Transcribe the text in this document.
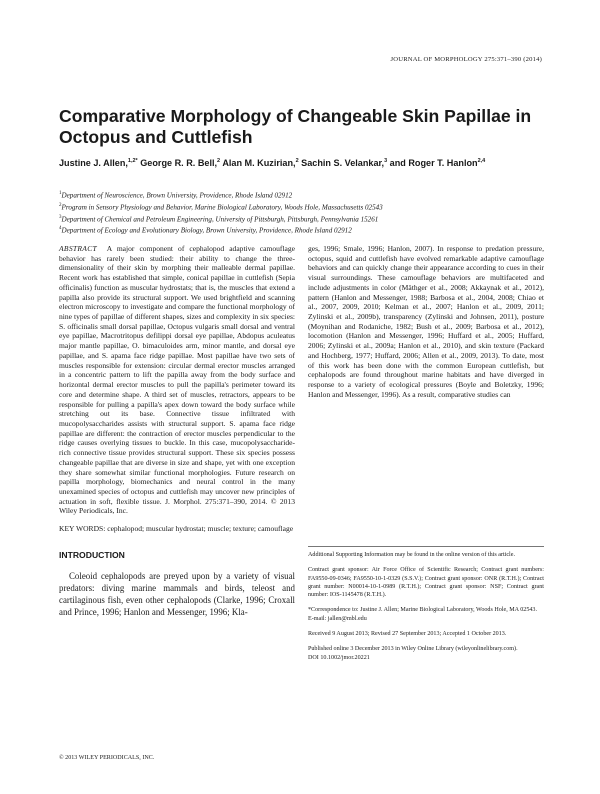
JOURNAL OF MORPHOLOGY 275:371–390 (2014)
Comparative Morphology of Changeable Skin Papillae in Octopus and Cuttlefish
Justine J. Allen,$^{1,2*}$ George R. R. Bell,$^2$ Alan M. Kuzirian,$^2$ Sachin S. Velankar,$^3$ and Roger T. Hanlon$^{2,4}$
$^1$Department of Neuroscience, Brown University, Providence, Rhode Island 02912
$^2$Program in Sensory Physiology and Behavior, Marine Biological Laboratory, Woods Hole, Massachusetts 02543
$^3$Department of Chemical and Petroleum Engineering, University of Pittsburgh, Pittsburgh, Pennsylvania 15261
$^4$Department of Ecology and Evolutionary Biology, Brown University, Providence, Rhode Island 02912

ABSTRACT A major component of cephalopod adaptive camouflage behavior has rarely been studied: their ability to change the three-dimensionality of their skin by morphing their malleable dermal papillae. Recent work has established that simple, conical papillae in cuttlefish (Sepia officinalis) function as muscular hydrostats; that is, the muscles that extend a papilla also provide its structural support. We used brightfield and scanning electron microscopy to investigate and compare the functional morphology of nine types of papillae of different shapes, sizes and complexity in six species: S. officinalis small dorsal papillae, Octopus vulgaris small dorsal and ventral eye papillae, Macrotritopus defilippi dorsal eye papillae, Abdopus aculeatus major mantle papillae, O. bimaculoides arm, minor mantle, and dorsal eye papillae, and S. apama face ridge papillae. Most papillae have two sets of muscles responsible for extension: circular dermal erector muscles arranged in a concentric pattern to lift the papilla away from the body surface and horizontal dermal erector muscles to pull the papilla's perimeter toward its core and determine shape. A third set of muscles, retractors, appears to be responsible for pulling a papilla's apex down toward the body surface while stretching out its base. Connective tissue infiltrated with mucopolysaccharides assists with structural support. S. apama face ridge papillae are different: the contraction of erector muscles perpendicular to the ridge causes overlying tissues to buckle. In this case, mucopolysaccharide-rich connective tissue provides structural support. These six species possess changeable papillae that are diverse in size and shape, yet with one exception they share somewhat similar functional morphologies. Future research on papilla morphology, biomechanics and neural control in the many unexamined species of octopus and cuttlefish may uncover new principles of actuation in soft, flexible tissue. J. Morphol. 275:371–390, 2014. © 2013 Wiley Periodicals, Inc.

KEY WORDS: cephalopod; muscular hydrostat; muscle; texture; camouflage

INTRODUCTION

Coleoid cephalopods are preyed upon by a variety of visual predators: diving marine mammals and birds, teleost and cartilaginous fish, even other cephalopods (Clarke, 1996; Croxall and Prince, 1996; Hanlon and Messenger, 1996; Kla-

ges, 1996; Smale, 1996; Hanlon, 2007). In response to predation pressure, octopus, squid and cuttlefish have evolved remarkable adaptive camouflage behaviors and can quickly change their appearance according to cues in their visual surroundings. These camouflage behaviors are multifaceted and include adjustments in color (Mäthger et al., 2008; Akkaynak et al., 2012), pattern (Hanlon and Messenger, 1988; Barbosa et al., 2004, 2008; Chiao et al., 2007, 2009, 2010; Kelman et al., 2007; Hanlon et al., 2009, 2011; Zylinski et al., 2009b), transparency (Zylinski and Johnsen, 2011), posture (Moynihan and Rodaniche, 1982; Bush et al., 2009; Barbosa et al., 2012), locomotion (Hanlon and Messenger, 1996; Huffard et al., 2005; Huffard, 2006; Zylinski et al., 2009a; Hanlon et al., 2010), and skin texture (Packard and Hochberg, 1977; Huffard, 2006; Allen et al., 2009, 2013). To date, most of this work has been done with the common European cuttlefish, but cephalopods are found throughout marine habitats and have diverged in response to a variety of ecological pressures (Boyle and Boletzky, 1996; Hanlon and Messenger, 1996). As a result, comparative studies can

Additional Supporting Information may be found in the online version of this article.

Contract grant sponsor: Air Force Office of Scientific Research; Contract grant numbers: FA9550-09-0346; FA9550-10-1-0329 (S.S.V.); Contract grant sponsor: ONR (R.T.H.); Contract grant number: N00014-10-1-0989 (R.T.H.); Contract grant sponsor: NSF; Contract grant number: IOS-1145478 (R.T.H.).

*Correspondence to: Justine J. Allen; Marine Biological Laboratory, Woods Hole, MA 02543.
E-mail: jallen@mbl.edu

Received 9 August 2013; Revised 27 September 2013; Accepted 1 October 2013.

Published online 3 December 2013 in Wiley Online Library (wileyonlinelibrary.com).
DOI 10.1002/jmor.20221

© 2013 WILEY PERIODICALS, INC.
